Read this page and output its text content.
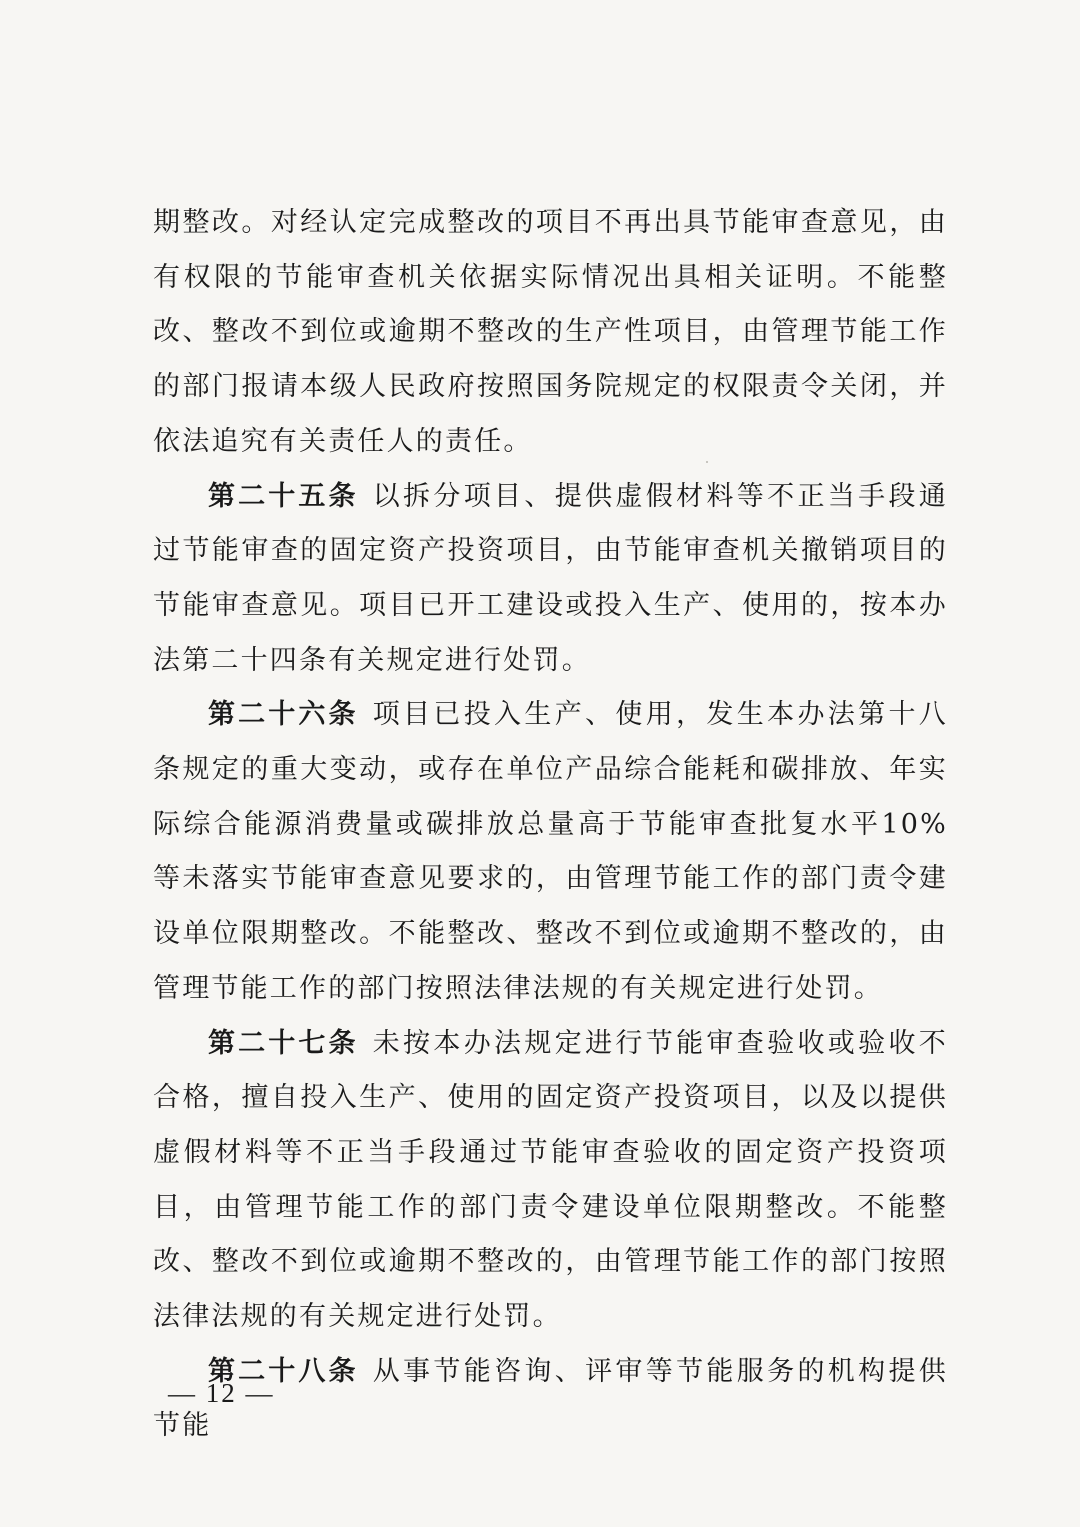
期整改。对经认定完成整改的项目不再出具节能审查意见，由有权限的节能审查机关依据实际情况出具相关证明。不能整改、整改不到位或逾期不整改的生产性项目，由管理节能工作的部门报请本级人民政府按照国务院规定的权限责令关闭，并依法追究有关责任人的责任。

第二十五条 以拆分项目、提供虚假材料等不正当手段通过节能审查的固定资产投资项目，由节能审查机关撤销项目的节能审查意见。项目已开工建设或投入生产、使用的，按本办法第二十四条有关规定进行处罚。

第二十六条 项目已投入生产、使用，发生本办法第十八条规定的重大变动，或存在单位产品综合能耗和碳排放、年实际综合能源消费量或碳排放总量高于节能审查批复水平10%等未落实节能审查意见要求的，由管理节能工作的部门责令建设单位限期整改。不能整改、整改不到位或逾期不整改的，由管理节能工作的部门按照法律法规的有关规定进行处罚。

第二十七条 未按本办法规定进行节能审查验收或验收不合格，擅自投入生产、使用的固定资产投资项目，以及以提供虚假材料等不正当手段通过节能审查验收的固定资产投资项目，由管理节能工作的部门责令建设单位限期整改。不能整改、整改不到位或逾期不整改的，由管理节能工作的部门按照法律法规的有关规定进行处罚。

第二十八条 从事节能咨询、评审等节能服务的机构提供节能

— 12 —
